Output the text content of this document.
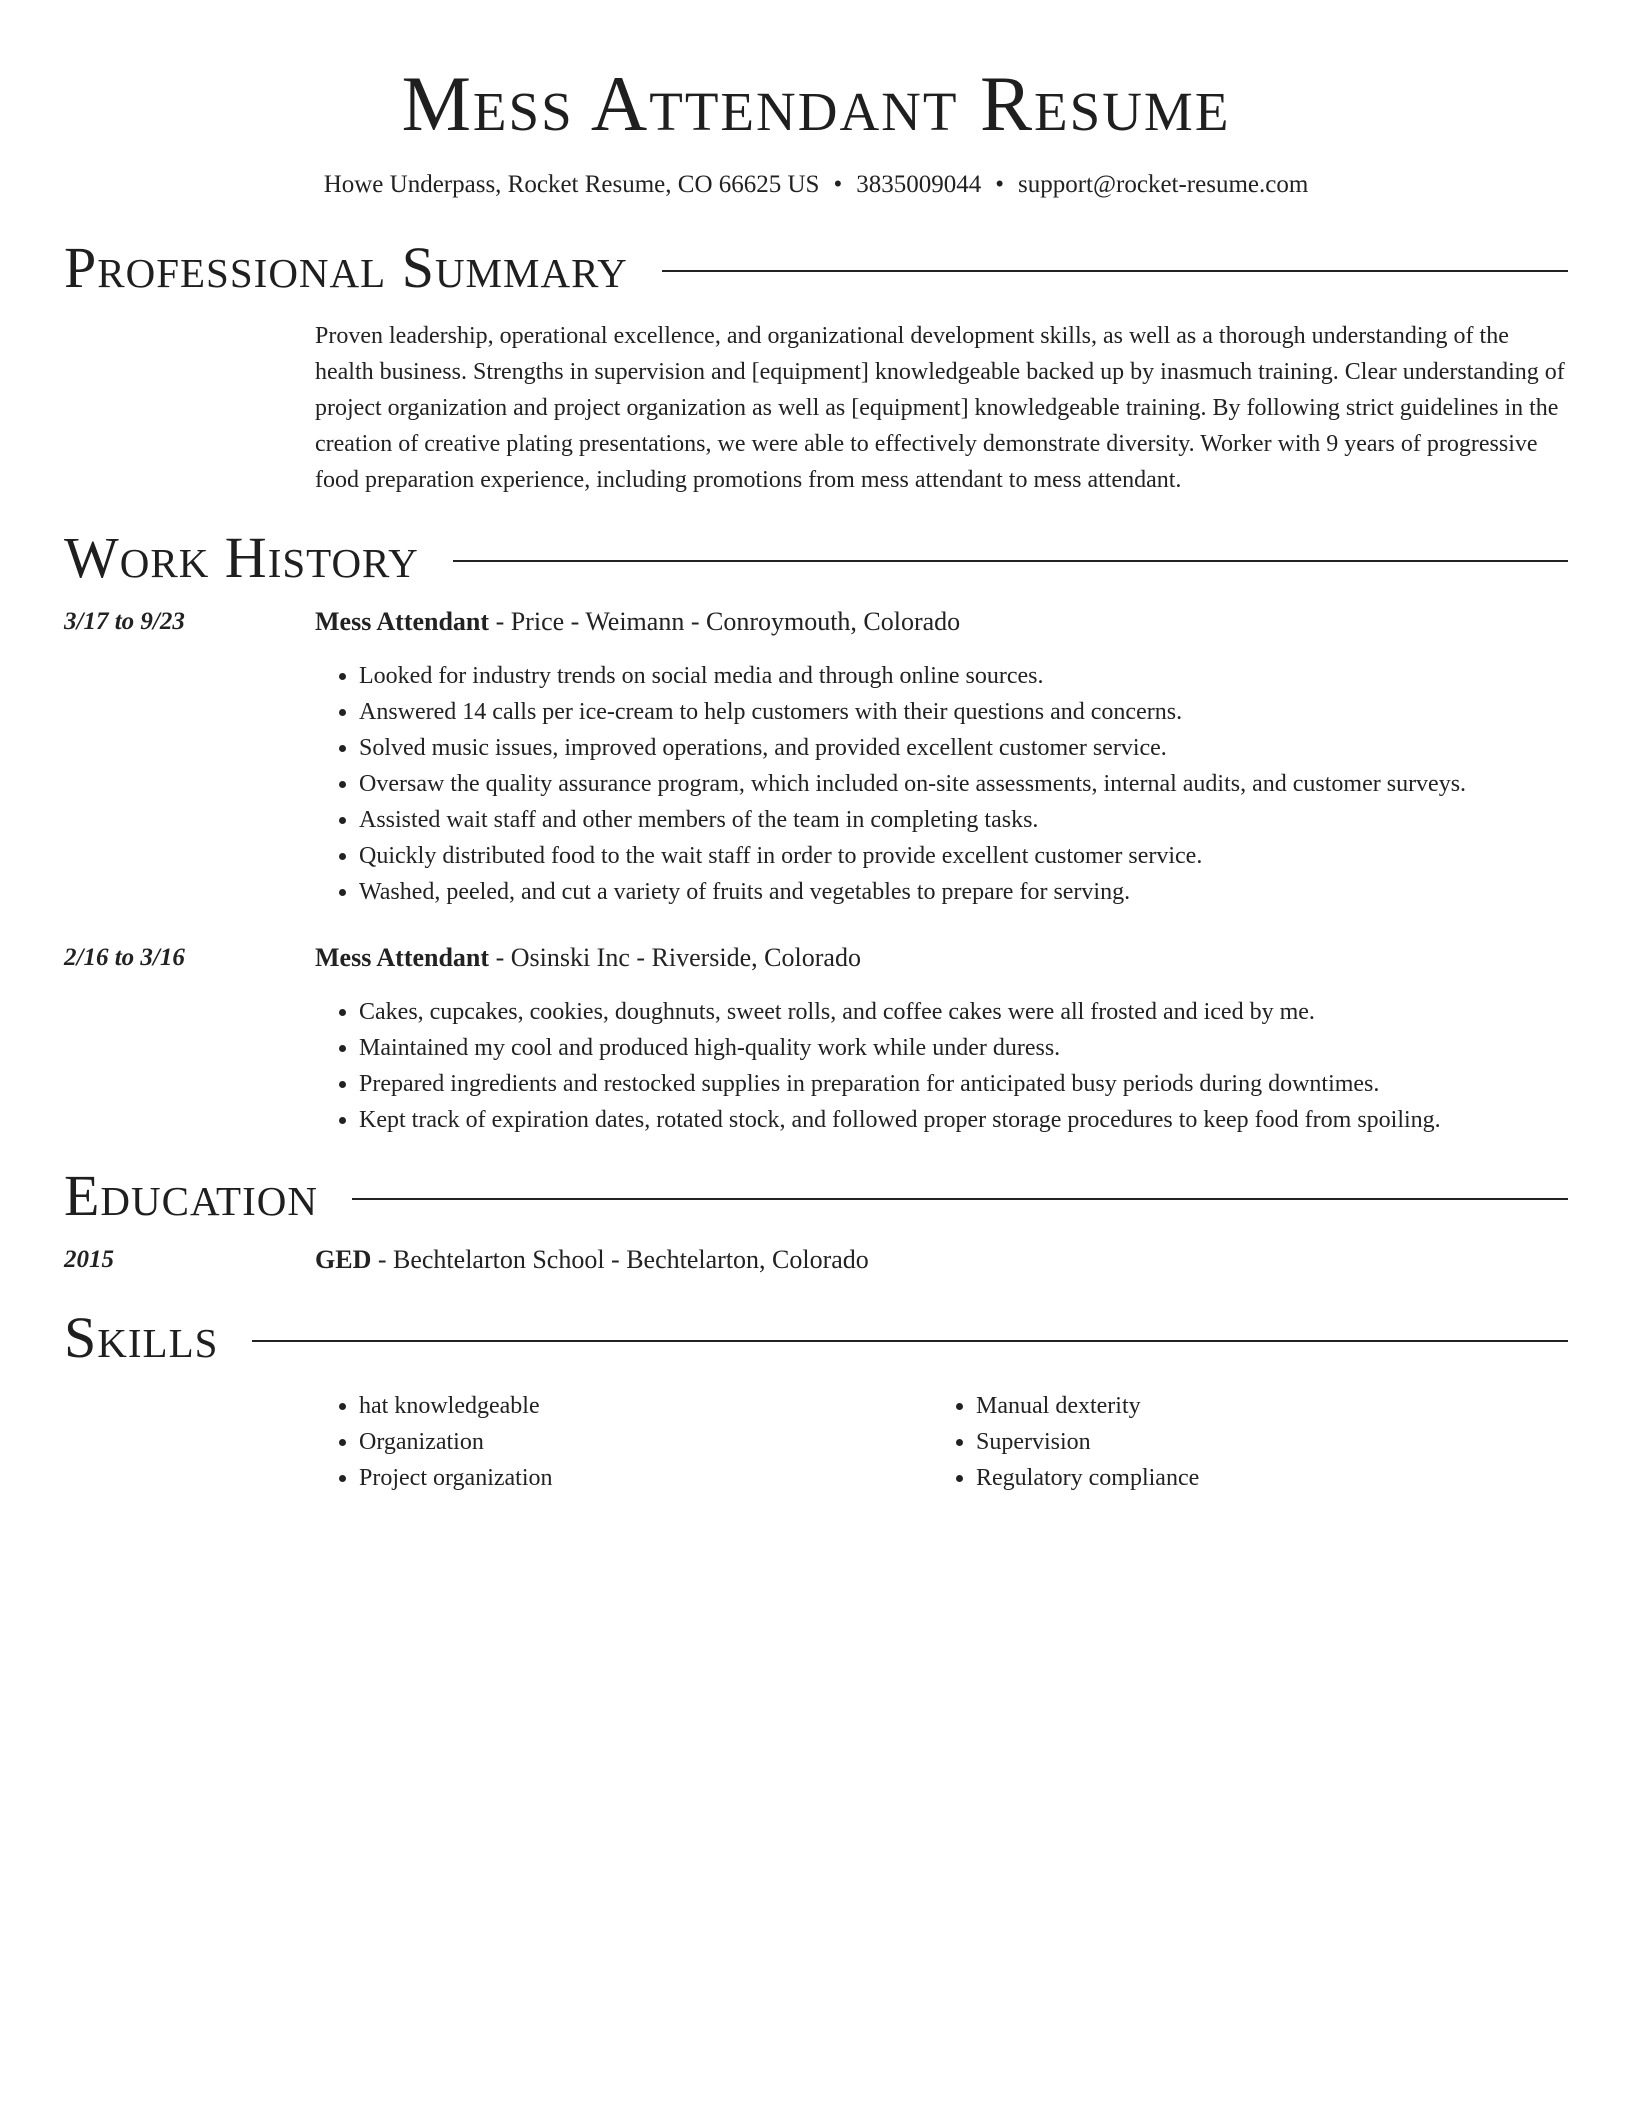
Mess Attendant Resume
Howe Underpass, Rocket Resume, CO 66625 US • 3835009044 • support@rocket-resume.com
Professional Summary
Proven leadership, operational excellence, and organizational development skills, as well as a thorough understanding of the health business. Strengths in supervision and [equipment] knowledgeable backed up by inasmuch training. Clear understanding of project organization and project organization as well as [equipment] knowledgeable training. By following strict guidelines in the creation of creative plating presentations, we were able to effectively demonstrate diversity. Worker with 9 years of progressive food preparation experience, including promotions from mess attendant to mess attendant.
Work History
3/17 to 9/23	Mess Attendant - Price - Weimann - Conroymouth, Colorado
• Looked for industry trends on social media and through online sources.
• Answered 14 calls per ice-cream to help customers with their questions and concerns.
• Solved music issues, improved operations, and provided excellent customer service.
• Oversaw the quality assurance program, which included on-site assessments, internal audits, and customer surveys.
• Assisted wait staff and other members of the team in completing tasks.
• Quickly distributed food to the wait staff in order to provide excellent customer service.
• Washed, peeled, and cut a variety of fruits and vegetables to prepare for serving.
2/16 to 3/16	Mess Attendant - Osinski Inc - Riverside, Colorado
• Cakes, cupcakes, cookies, doughnuts, sweet rolls, and coffee cakes were all frosted and iced by me.
• Maintained my cool and produced high-quality work while under duress.
• Prepared ingredients and restocked supplies in preparation for anticipated busy periods during downtimes.
• Kept track of expiration dates, rotated stock, and followed proper storage procedures to keep food from spoiling.
Education
2015	GED - Bechtelarton School - Bechtelarton, Colorado
Skills
• hat knowledgeable
• Organization
• Project organization
• Manual dexterity
• Supervision
• Regulatory compliance
